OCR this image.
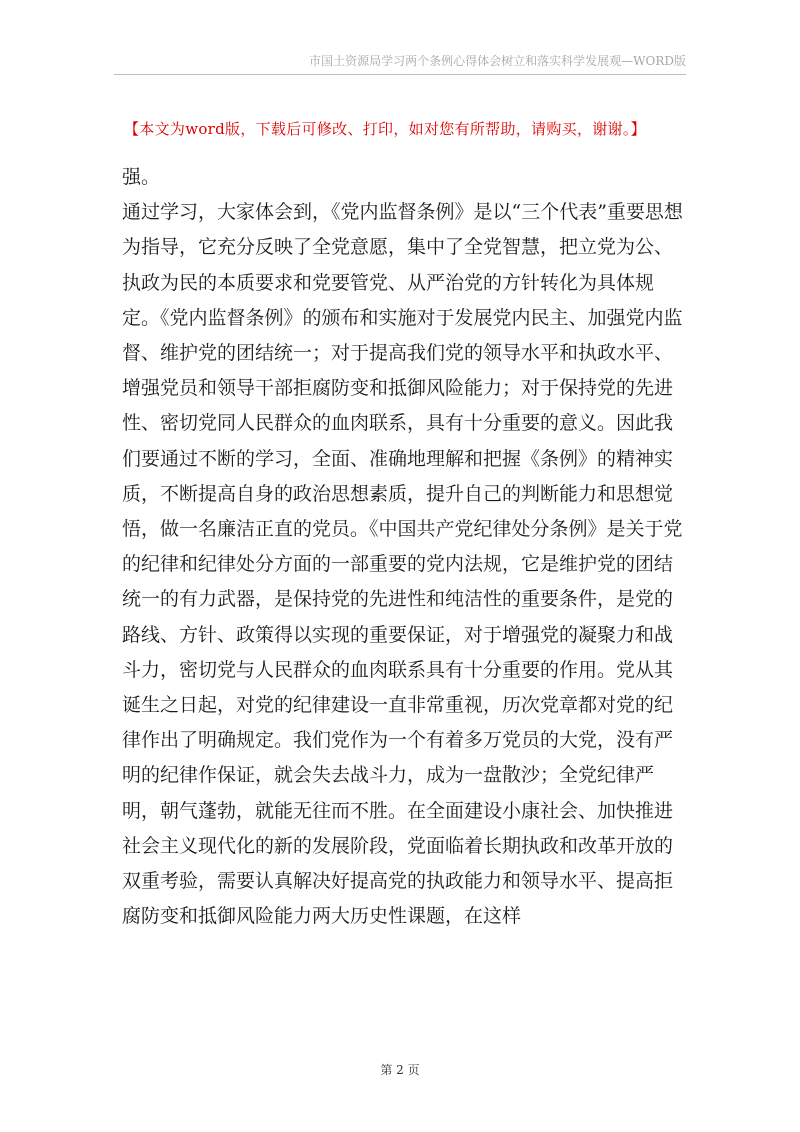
市国土资源局学习两个条例心得体会树立和落实科学发展观—WORD版
【本文为word版，下载后可修改、打印，如对您有所帮助，请购买，谢谢。】

强。

通过学习，大家体会到，《党内监督条例》是以“三个代表”重要思想为指导，它充分反映了全党意愿，集中了全党智慧，把立党为公、执政为民的本质要求和党要管党、从严治党的方针转化为具体规定。《党内监督条例》的颁布和实施对于发展党内民主、加强党内监督、维护党的团结统一；对于提高我们党的领导水平和执政水平、增强党员和领导干部拒腐防变和抵御风险能力；对于保持党的先进性、密切党同人民群众的血肉联系，具有十分重要的意义。因此我们要通过不断的学习，全面、准确地理解和把握《条例》的精神实质，不断提高自身的政治思想素质，提升自己的判断能力和思想觉悟，做一名廉洁正直的党员。《中国共产党纪律处分条例》是关于党的纪律和纪律处分方面的一部重要的党内法规，它是维护党的团结统一的有力武器，是保持党的先进性和纯洁性的重要条件，是党的路线、方针、政策得以实现的重要保证，对于增强党的凝聚力和战斗力，密切党与人民群众的血肉联系具有十分重要的作用。党从其诞生之日起，对党的纪律建设一直非常重视，历次党章都对党的纪律作出了明确规定。我们党作为一个有着多万党员的大党，没有严明的纪律作保证，就会失去战斗力，成为一盘散沙；全党纪律严明，朝气蓬勃，就能无往而不胜。在全面建设小康社会、加快推进社会主义现代化的新的发展阶段，党面临着长期执政和改革开放的双重考验，需要认真解决好提高党的执政能力和领导水平、提高拒腐防变和抵御风险能力两大历史性课题，在这样

第 2 页
